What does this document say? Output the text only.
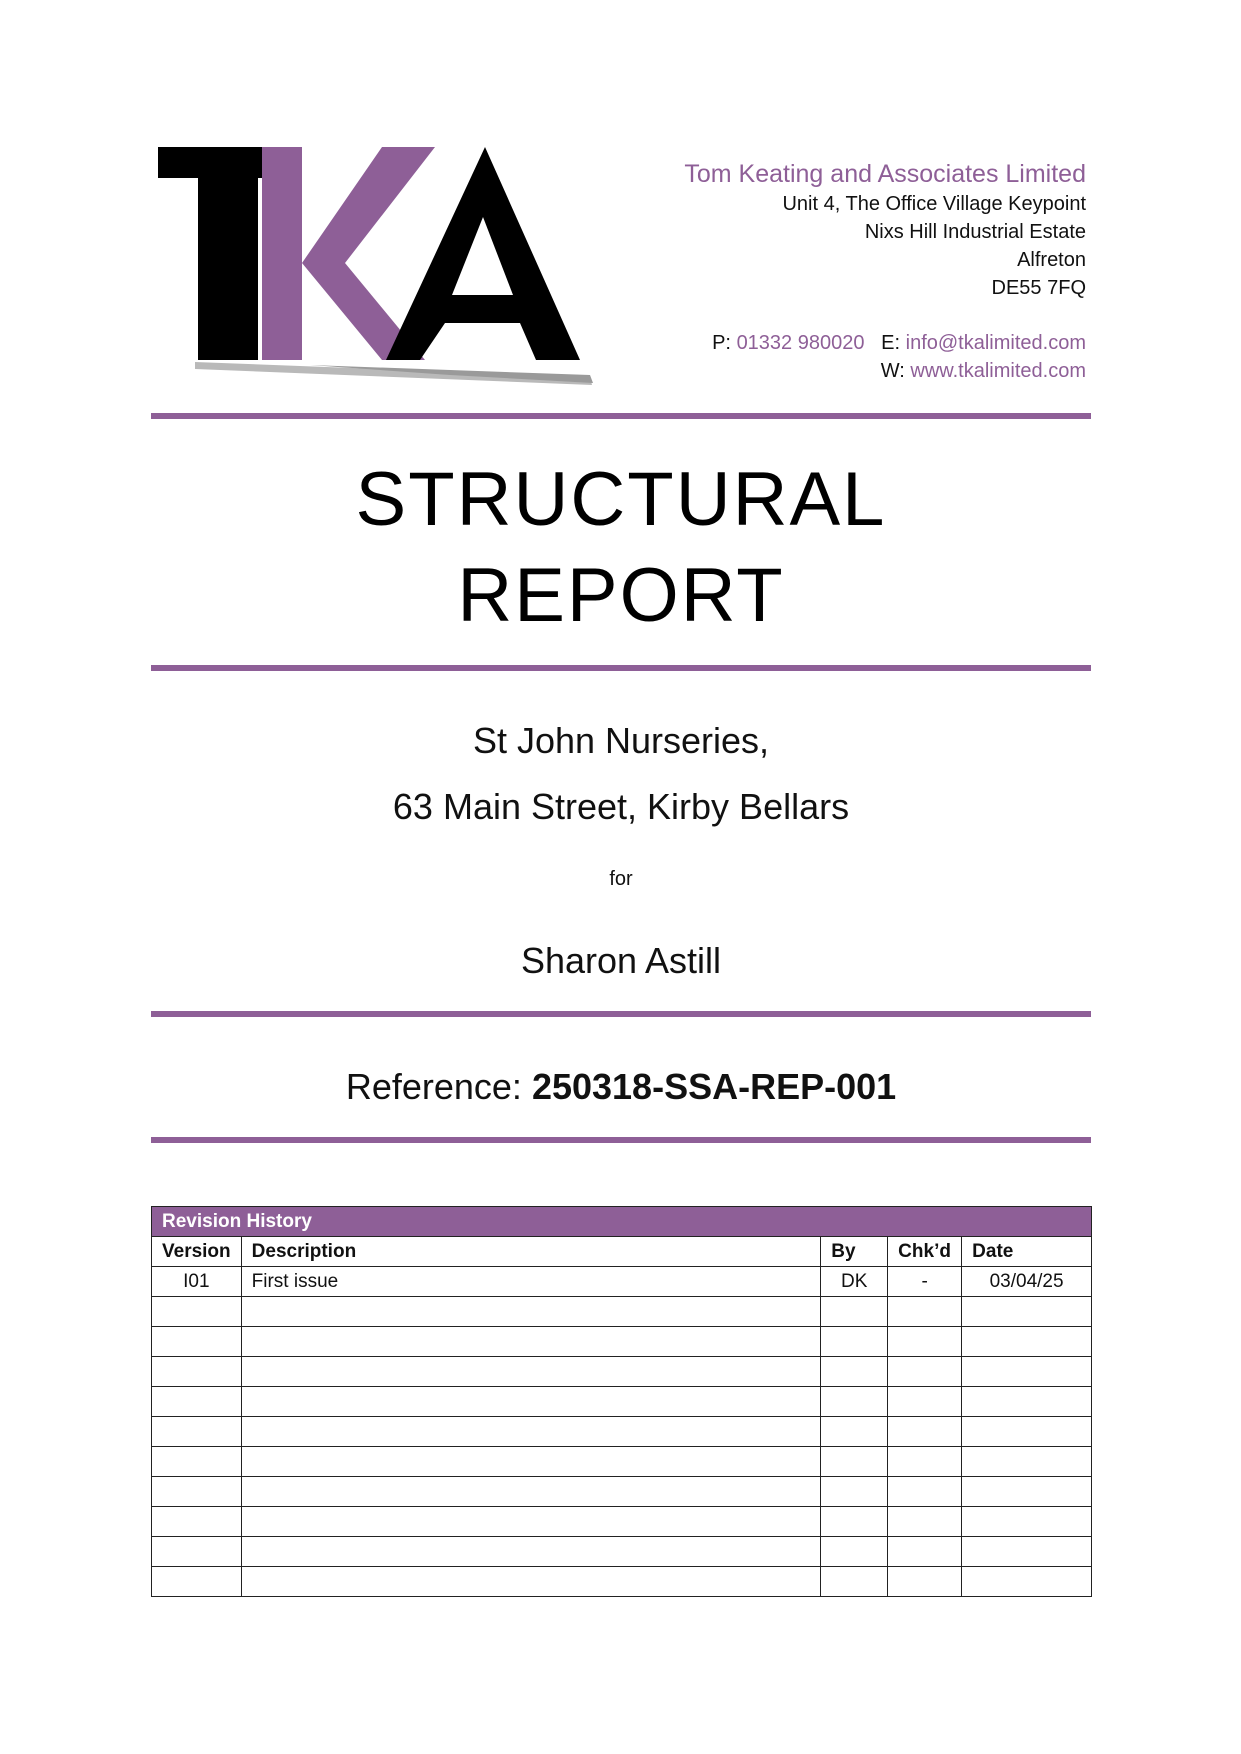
Tom Keating and Associates Limited

Unit 4, The Office Village Keypoint

Nixs Hill Industrial Estate

Alfreton

DE55 7FQ

P: 01332 980020 E: info@tkalimited.com
W: www.tkalimited.com
STRUCTURAL
REPORT
St John Nurseries,
63 Main Street, Kirby Bellars
for
Sharon Astill
Reference: 250318-SSA-REP-001
Revision History				
Version	Description	By	Chk’d	Date
I01	First issue	DK	-	03/04/25
